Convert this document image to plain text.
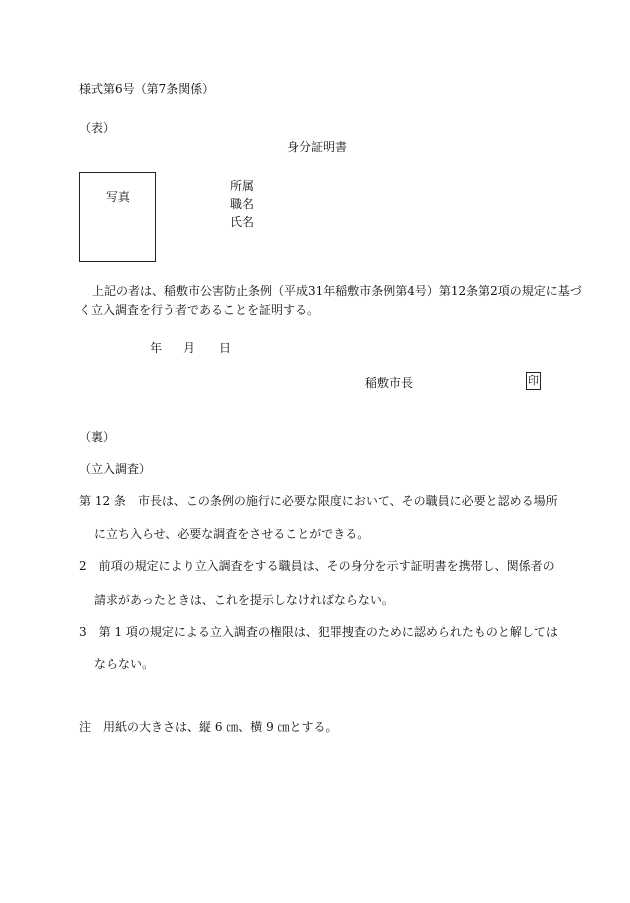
様式第6号（第7条関係）
（表）
身分証明書
写真
所属
職名
氏名
上記の者は、稲敷市公害防止条例（平成31年稲敷市条例第4号）第12条第2項の規定に基づ
く立入調査を行う者であることを証明する。
年 月 日
稲敷市長	印
（裏）
（立入調査）
第 12 条　市長は、この条例の施行に必要な限度において、その職員に必要と認める場所
に立ち入らせ、必要な調査をさせることができる。
2　前項の規定により立入調査をする職員は、その身分を示す証明書を携帯し、関係者の
請求があったときは、これを提示しなければならない。
3　第 1 項の規定による立入調査の権限は、犯罪捜査のために認められたものと解しては
ならない。
注　用紙の大きさは、縦 6 ㎝、横 9 ㎝とする。
